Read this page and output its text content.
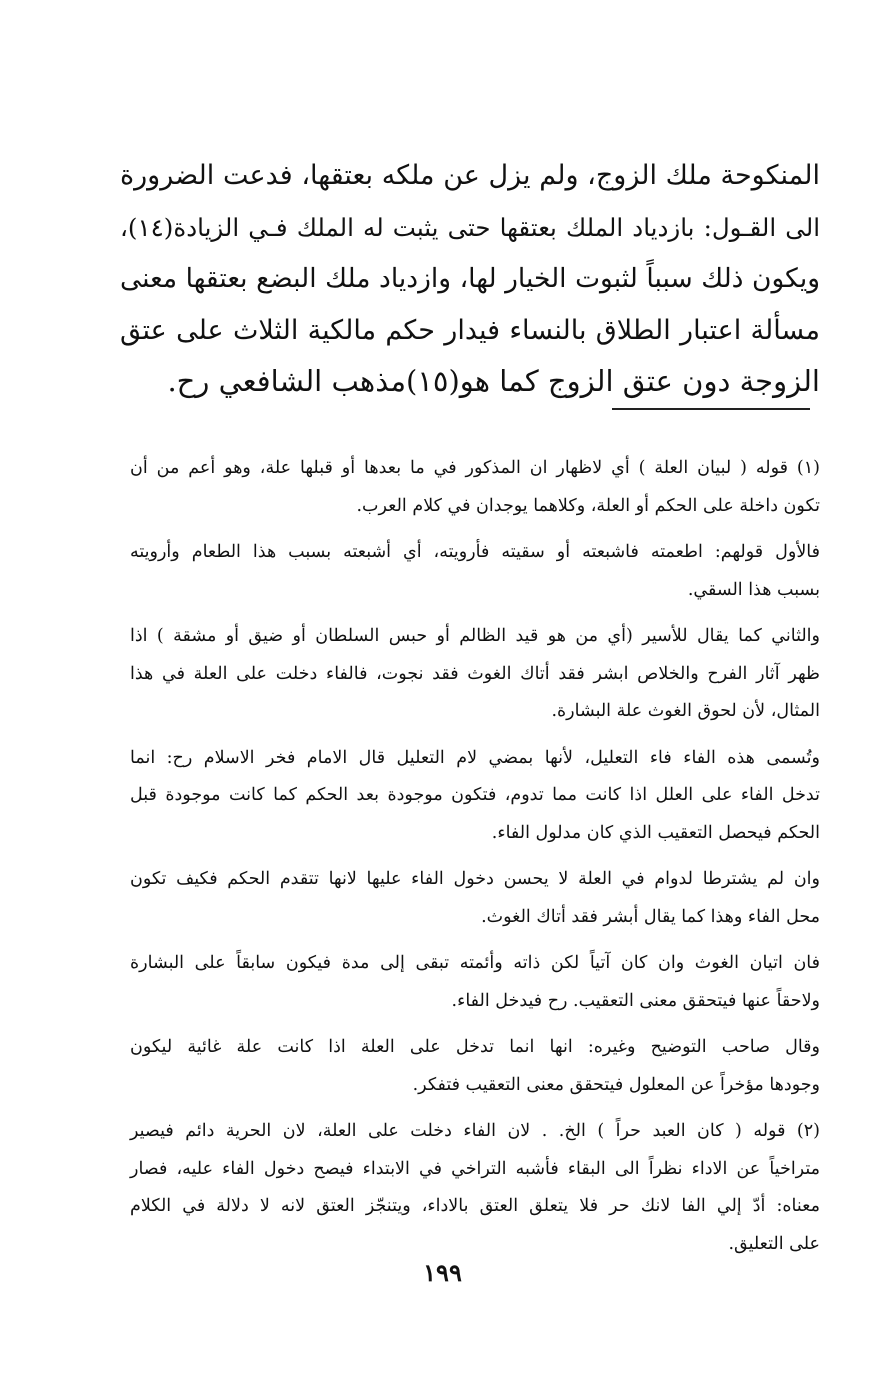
المنكوحة ملك الزوج، ولم يزل عن ملكه بعتقها، فدعت الضرورة
الى القـول: بازدياد الملك بعتقها حتى يثبت له الملك فـي الزيادة(١٤)،
ويكون ذلك سبباً لثبوت الخيار لها، وازدياد ملك البضع بعتقها معنى
مسألة اعتبار الطلاق بالنساء فيدار حكم مالكية الثلاث على عتق
الزوجة دون عتق الزوج كما هو(١٥)مذهب الشافعي رح.
(١) قوله ( لبيان العلة ) أي لاظهار ان المذكور في ما بعدها أو قبلها علة، وهو أعم من أن
تكون داخلة على الحكم أو العلة، وكلاهما يوجدان في كلام العرب.
فالأول قولهم: اطعمته فاشبعته أو سقيته فأرويته، أي أشبعته بسبب هذا الطعام وأرويته
بسبب هذا السقي.
والثاني كما يقال للأسير (أي من هو قيد الظالم أو حبس السلطان أو ضيق أو مشقة ) اذا
ظهر آثار الفرح والخلاص ابشر فقد أتاك الغوث فقد نجوت، فالفاء دخلت على العلة في هذا
المثال، لأن لحوق الغوث علة البشارة.
وتُسمى هذه الفاء فاء التعليل، لأنها بمضي لام التعليل قال الامام فخر الاسلام رح: انما
تدخل الفاء على العلل اذا كانت مما تدوم، فتكون موجودة بعد الحكم كما كانت موجودة قبل
الحكم فيحصل التعقيب الذي كان مدلول الفاء.
وان لم يشترطا لدوام في العلة لا يحسن دخول الفاء عليها لانها تتقدم الحكم فكيف تكون
محل الفاء وهذا كما يقال أبشر فقد أتاك الغوث.
فان اتيان الغوث وان كان آتياً لكن ذاته وأئمته تبقى إلى مدة فيكون سابقاً على البشارة
ولاحقاً عنها فيتحقق معنى التعقيب. رح فيدخل الفاء.
وقال صاحب التوضيح وغيره: انها انما تدخل على العلة اذا كانت علة غائية ليكون
وجودها مؤخراً عن المعلول فيتحقق معنى التعقيب فتفكر.
(٢) قوله ( كان العبد حراً ) الخ. . لان الفاء دخلت على العلة، لان الحرية دائم فيصير
متراخياً عن الاداء نظراً الى البقاء فأشبه التراخي في الابتداء فيصح دخول الفاء عليه، فصار
معناه: أدّ إلي الفا لانك حر فلا يتعلق العتق بالاداء، ويتنجّز العتق لانه لا دلالة في الكلام
على التعليق.
١٩٩
